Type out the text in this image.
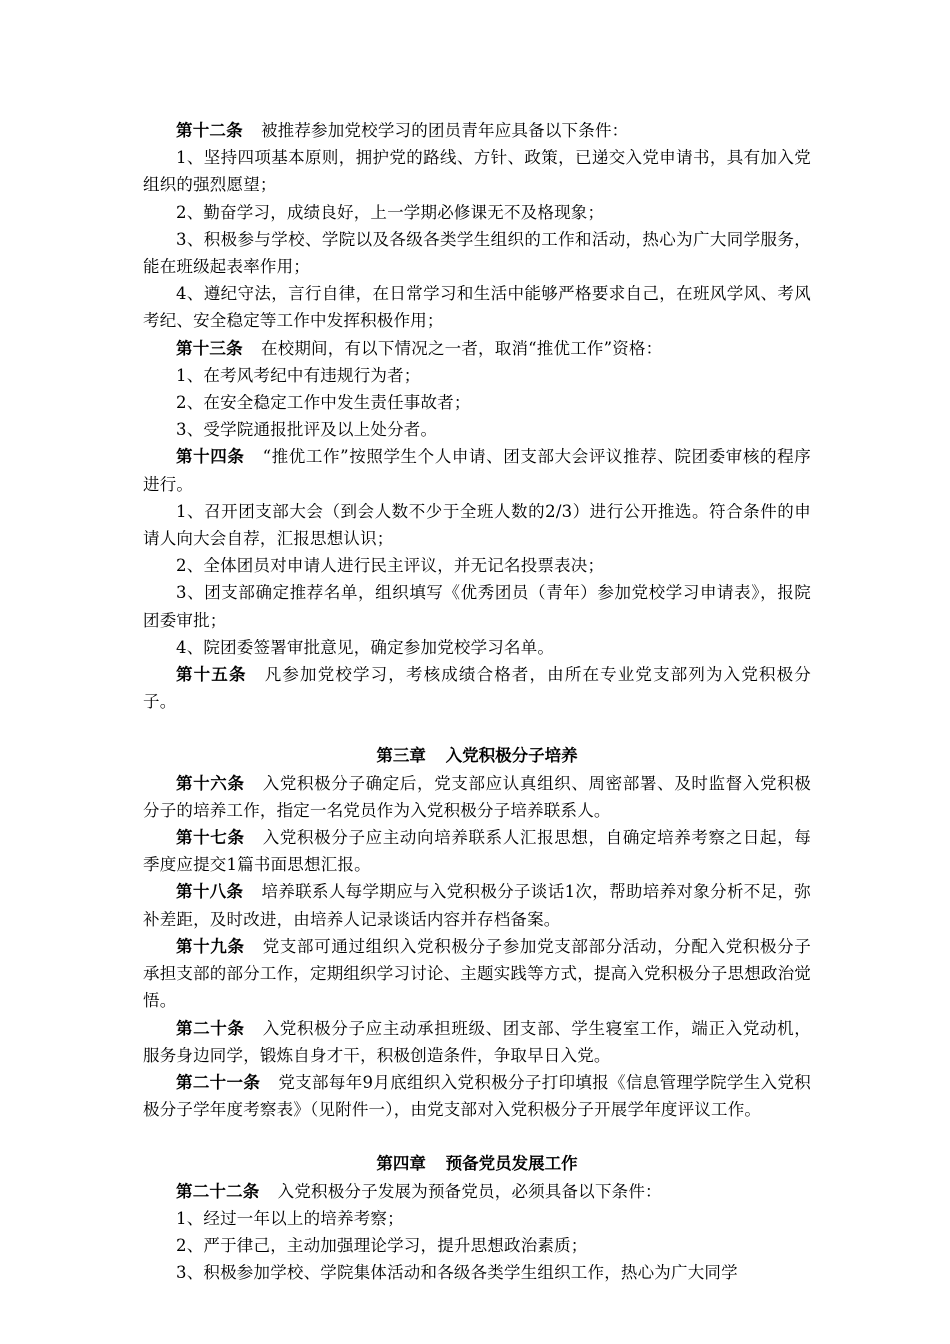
第十二条 被推荐参加党校学习的团员青年应具备以下条件：

1、坚持四项基本原则，拥护党的路线、方针、政策，已递交入党申请书，具有加入党组织的强烈愿望；

2、勤奋学习，成绩良好，上一学期必修课无不及格现象；

3、积极参与学校、学院以及各级各类学生组织的工作和活动，热心为广大同学服务，能在班级起表率作用；

4、遵纪守法，言行自律，在日常学习和生活中能够严格要求自己，在班风学风、考风考纪、安全稳定等工作中发挥积极作用；

第十三条 在校期间，有以下情况之一者，取消“推优工作”资格：

1、在考风考纪中有违规行为者；

2、在安全稳定工作中发生责任事故者；

3、受学院通报批评及以上处分者。

第十四条 “推优工作”按照学生个人申请、团支部大会评议推荐、院团委审核的程序进行。

1、召开团支部大会（到会人数不少于全班人数的2/3）进行公开推选。符合条件的申请人向大会自荐，汇报思想认识；

2、全体团员对申请人进行民主评议，并无记名投票表决；

3、团支部确定推荐名单，组织填写《优秀团员（青年）参加党校学习申请表》，报院团委审批；

4、院团委签署审批意见，确定参加党校学习名单。

第十五条 凡参加党校学习，考核成绩合格者，由所在专业党支部列为入党积极分子。

第三章 入党积极分子培养

第十六条 入党积极分子确定后，党支部应认真组织、周密部署、及时监督入党积极分子的培养工作，指定一名党员作为入党积极分子培养联系人。

第十七条 入党积极分子应主动向培养联系人汇报思想，自确定培养考察之日起，每季度应提交1篇书面思想汇报。

第十八条 培养联系人每学期应与入党积极分子谈话1次，帮助培养对象分析不足，弥补差距，及时改进，由培养人记录谈话内容并存档备案。

第十九条 党支部可通过组织入党积极分子参加党支部部分活动，分配入党积极分子承担支部的部分工作，定期组织学习讨论、主题实践等方式，提高入党积极分子思想政治觉悟。

第二十条 入党积极分子应主动承担班级、团支部、学生寝室工作，端正入党动机，服务身边同学，锻炼自身才干，积极创造条件，争取早日入党。

第二十一条 党支部每年9月底组织入党积极分子打印填报《信息管理学院学生入党积极分子学年度考察表》（见附件一），由党支部对入党积极分子开展学年度评议工作。

第四章 预备党员发展工作

第二十二条 入党积极分子发展为预备党员，必须具备以下条件：

1、经过一年以上的培养考察；

2、严于律己，主动加强理论学习，提升思想政治素质；

3、积极参加学校、学院集体活动和各级各类学生组织工作，热心为广大同学
